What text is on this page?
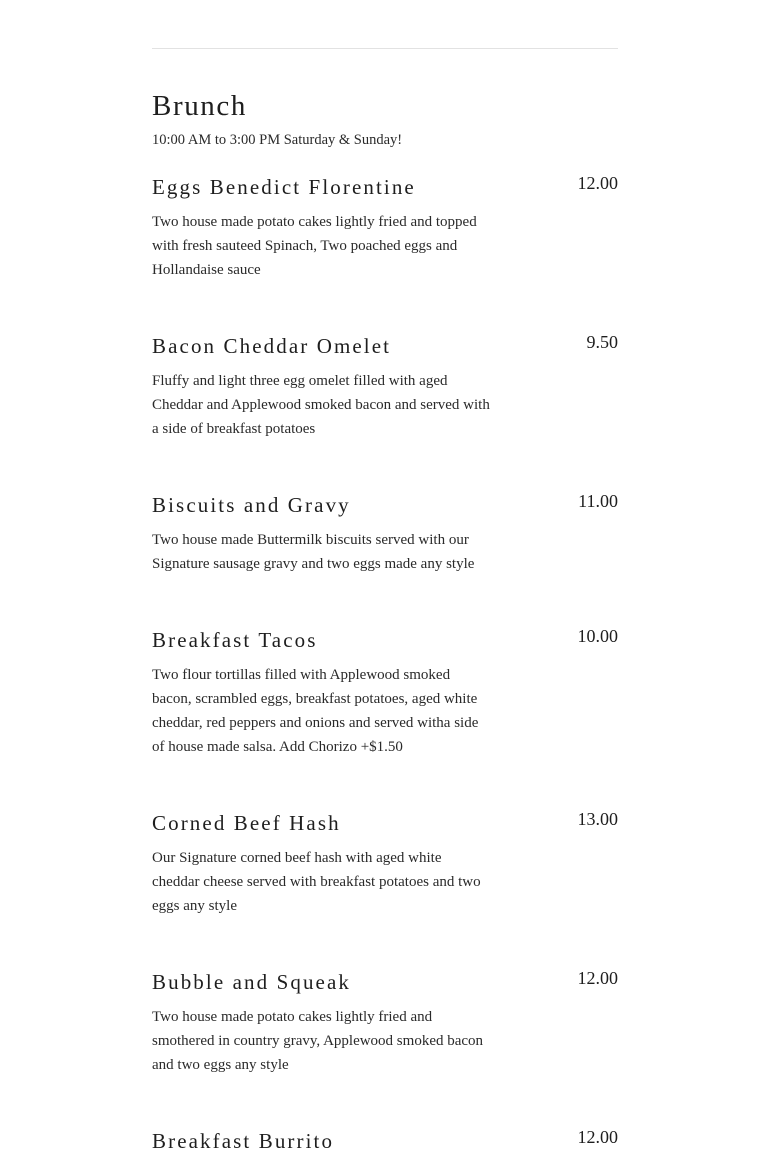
Brunch
10:00 AM to 3:00 PM Saturday & Sunday!
Eggs Benedict Florentine	12.00
Two house made potato cakes lightly fried and topped with fresh sauteed Spinach, Two poached eggs and Hollandaise sauce
Bacon Cheddar Omelet	9.50
Fluffy and light three egg omelet filled with aged Cheddar and Applewood smoked bacon and served with a side of breakfast potatoes
Biscuits and Gravy	11.00
Two house made Buttermilk biscuits served with our Signature sausage gravy and two eggs made any style
Breakfast Tacos	10.00
Two flour tortillas filled with Applewood smoked bacon, scrambled eggs, breakfast potatoes, aged white cheddar, red peppers and onions and served witha side of house made salsa. Add Chorizo +$1.50
Corned Beef Hash	13.00
Our Signature corned beef hash with aged white cheddar cheese served with breakfast potatoes and two eggs any style
Bubble and Squeak	12.00
Two house made potato cakes lightly fried and smothered in country gravy, Applewood smoked bacon and two eggs any style
Breakfast Burrito	12.00
